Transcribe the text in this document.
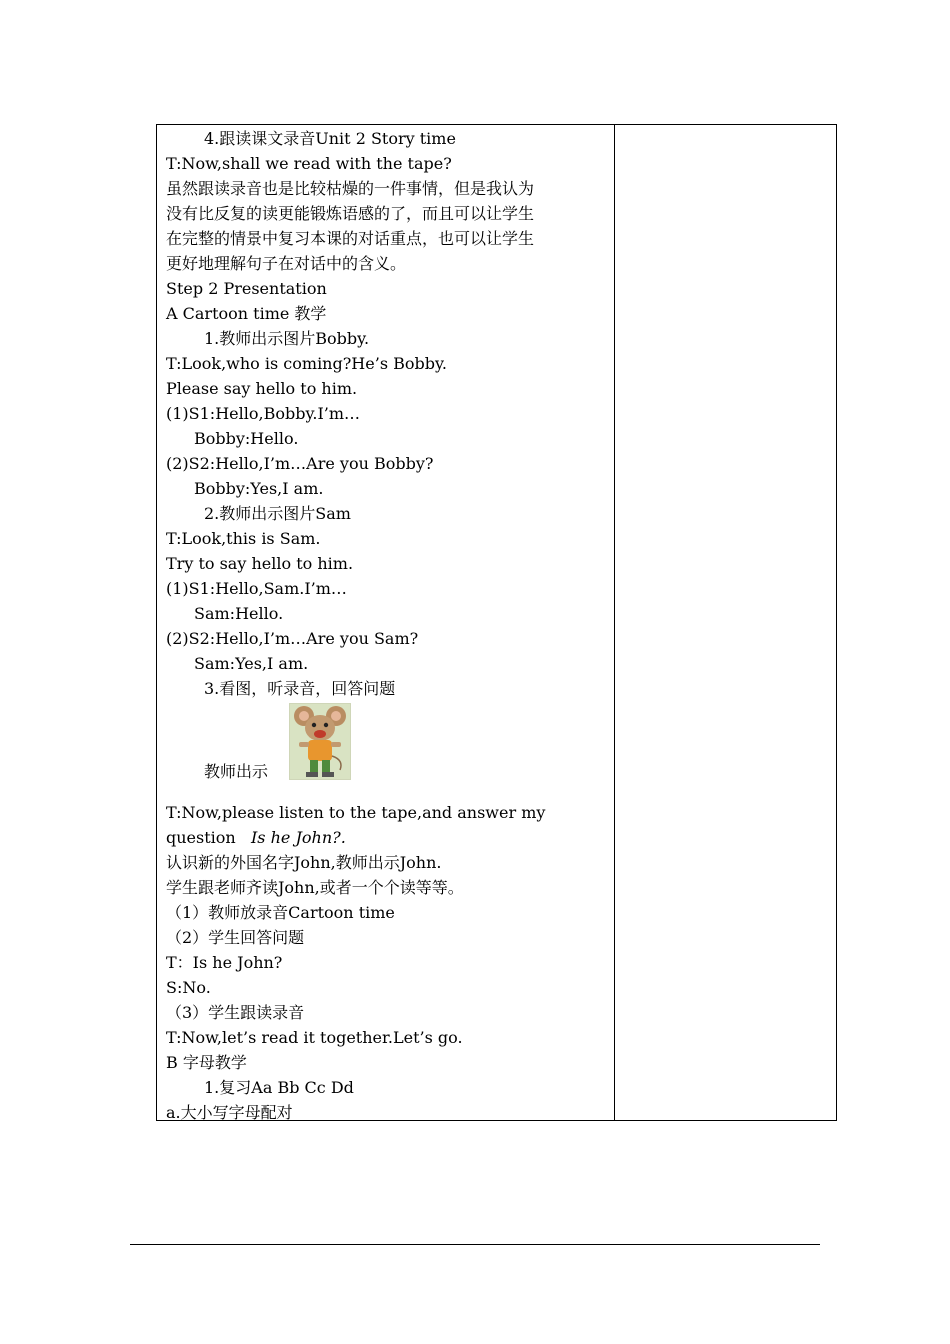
4.跟读课文录音Unit 2 Story time
T:Now,shall we read with the tape?
虽然跟读录音也是比较枯燥的一件事情，但是我认为
没有比反复的读更能锻炼语感的了，而且可以让学生
在完整的情景中复习本课的对话重点，也可以让学生
更好地理解句子在对话中的含义。
Step 2 Presentation
A Cartoon time 教学
1.教师出示图片Bobby.
T:Look,who is coming?He’s Bobby.
Please say hello to him.
(1)S1:Hello,Bobby.I’m…
Bobby:Hello.
(2)S2:Hello,I’m…Are you Bobby?
Bobby:Yes,I am.
2.教师出示图片Sam
T:Look,this is Sam.
Try to say hello to him.
(1)S1:Hello,Sam.I’m…
Sam:Hello.
(2)S2:Hello,I’m…Are you Sam?
Sam:Yes,I am.
3.看图，听录音，回答问题
教师出示
T:Now,please listen to the tape,and answer my
question Is he John?.
认识新的外国名字John,教师出示John.
学生跟老师齐读John,或者一个个读等等。
（1）教师放录音Cartoon time
（2）学生回答问题
T：Is he John?
S:No.
（3）学生跟读录音
T:Now,let’s read it together.Let’s go.
B 字母教学
1.复习Aa Bb Cc Dd
a.大小写字母配对
